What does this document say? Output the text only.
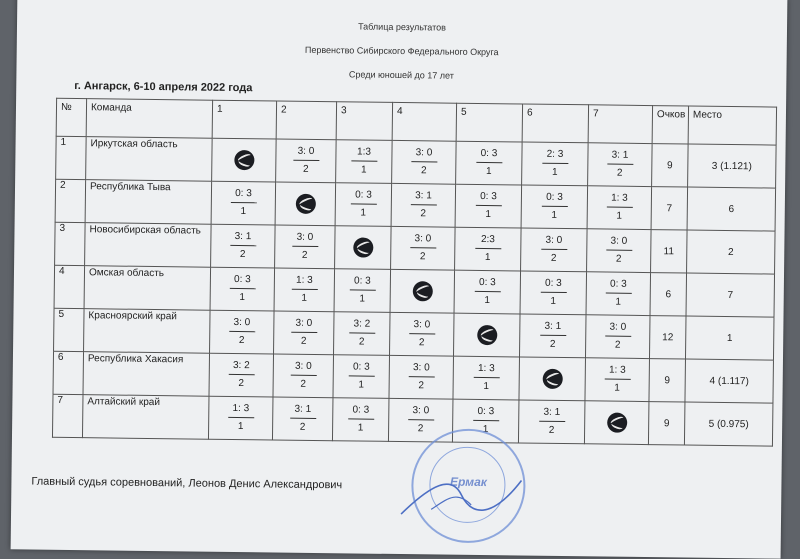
Таблица результатов
Первенство Сибирского Федерального Округа
Среди юношей до 17 лет
г. Ангарск, 6-10 апреля 2022 года
№	Команда	1	2	3	4	5	6	7	Очков	Место
1	Иркутская область		$\frac{3: 0}{2}$	$\frac{1:3}{1}$	$\frac{3: 0}{2}$	$\frac{0: 3}{1}$	$\frac{2: 3}{1}$	$\frac{3: 1}{2}$	9	3 (1.121)
2	Республика Тыва	$\frac{0: 3}{1}$		$\frac{0: 3}{1}$	$\frac{3: 1}{2}$	$\frac{0: 3}{1}$	$\frac{0: 3}{1}$	$\frac{1: 3}{1}$	7	6
3	Новосибирская область	$\frac{3: 1}{2}$	$\frac{3: 0}{2}$		$\frac{3: 0}{2}$	$\frac{2:3}{1}$	$\frac{3: 0}{2}$	$\frac{3: 0}{2}$	11	2
4	Омская область	$\frac{0: 3}{1}$	$\frac{1: 3}{1}$	$\frac{0: 3}{1}$		$\frac{0: 3}{1}$	$\frac{0: 3}{1}$	$\frac{0: 3}{1}$	6	7
5	Красноярский край	$\frac{3: 0}{2}$	$\frac{3: 0}{2}$	$\frac{3: 2}{2}$	$\frac{3: 0}{2}$		$\frac{3: 1}{2}$	$\frac{3: 0}{2}$	12	1
6	Республика Хакасия	$\frac{3: 2}{2}$	$\frac{3: 0}{2}$	$\frac{0: 3}{1}$	$\frac{3: 0}{2}$	$\frac{1: 3}{1}$		$\frac{1: 3}{1}$	9	4 (1.117)
7	Алтайский край	$\frac{1: 3}{1}$	$\frac{3: 1}{2}$	$\frac{0: 3}{1}$	$\frac{3: 0}{2}$	$\frac{0: 3}{1}$	$\frac{3: 1}{2}$		9	5 (0.975)
Главный судья соревнований, Леонов Денис Александрович	Ермак
